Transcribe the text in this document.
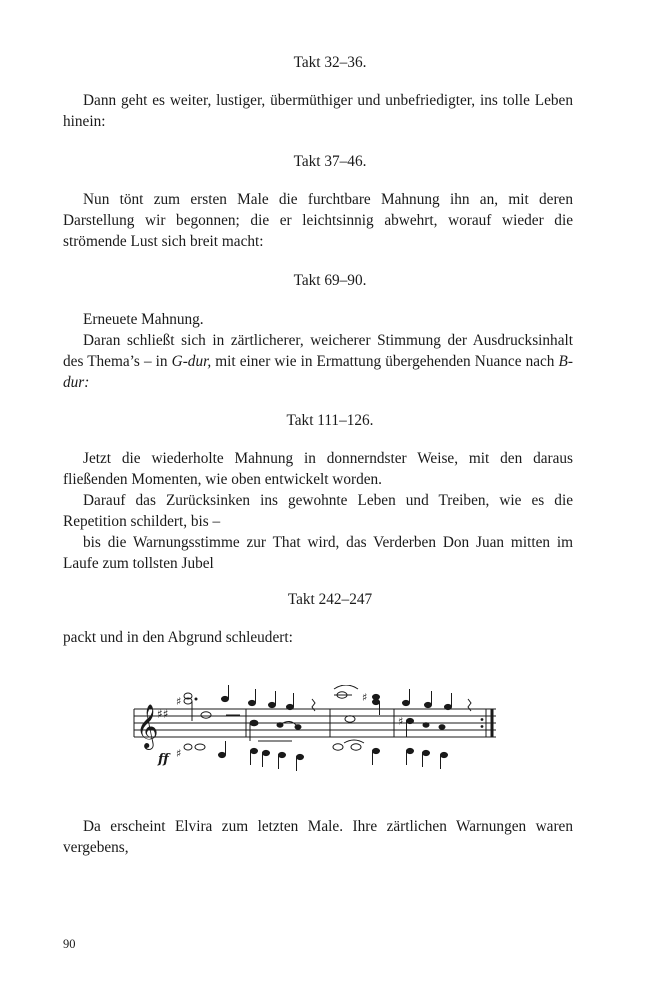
Takt 32–36.

Dann geht es weiter, lustiger, übermüthiger und unbefriedigter, ins tolle Leben hinein:

Takt 37–46.

Nun tönt zum ersten Male die furchtbare Mahnung ihn an, mit deren Darstellung wir begonnen; die er leichtsinnig abwehrt, worauf wieder die strömende Lust sich breit macht:

Takt 69–90.

Erneuete Mahnung.

Daran schließt sich in zärtlicherer, weicherer Stimmung der Ausdrucksinhalt des Thema’s – in G-dur, mit einer wie in Ermattung übergehenden Nuance nach B-dur:

Takt 111–126.

Jetzt die wiederholte Mahnung in donnerndster Weise, mit den daraus fließenden Momenten, wie oben entwickelt worden.

Darauf das Zurücksinken ins gewohnte Leben und Treiben, wie es die Repetition schildert, bis –

bis die Warnungsstimme zur That wird, das Verderben Don Juan mitten im Laufe zum tollsten Jubel

Takt 242–247

packt und in den Abgrund schleudert:

𝄞
♯♯
♯
♯
♯
♯
ff

Da erscheint Elvira zum letzten Male. Ihre zärtlichen Warnungen waren vergebens,

90
